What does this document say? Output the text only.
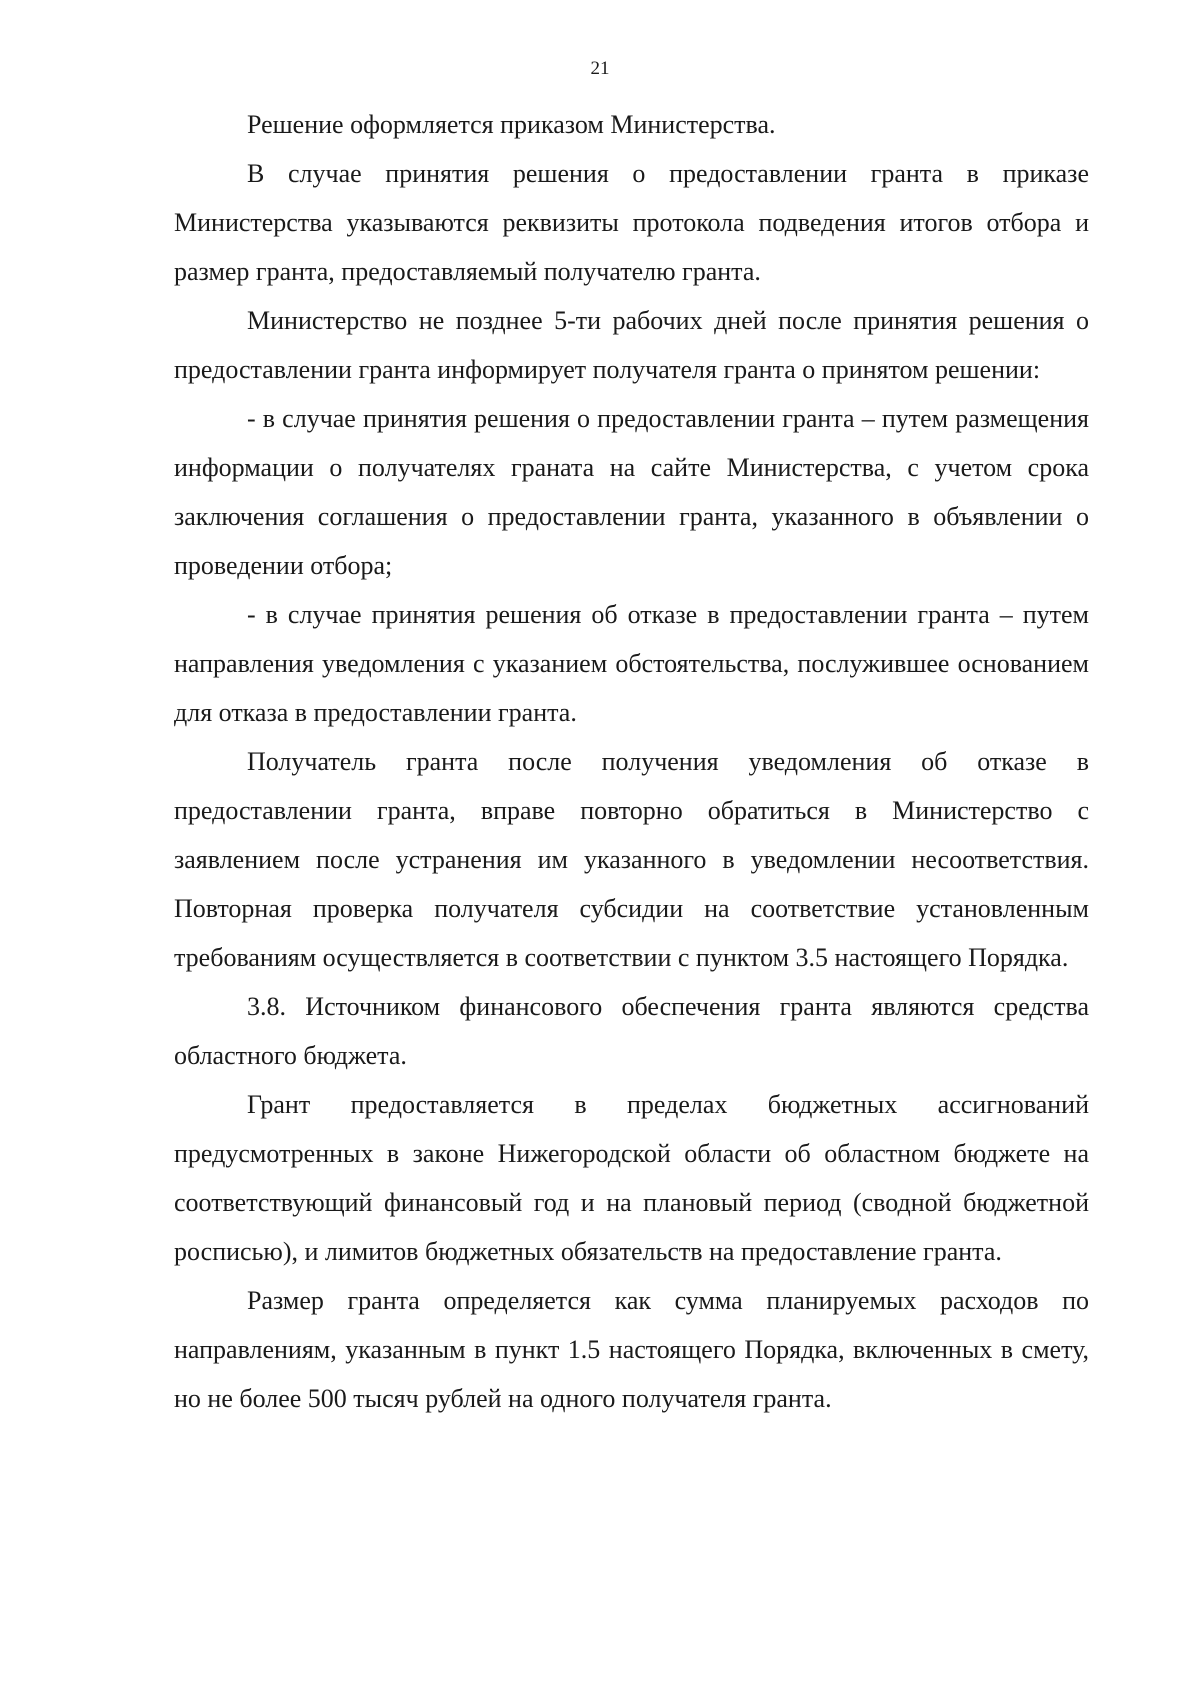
21

Решение оформляется приказом Министерства.

В случае принятия решения о предоставлении гранта в приказе Министерства указываются реквизиты протокола подведения итогов отбора и размер гранта, предоставляемый получателю гранта.

Министерство не позднее 5-ти рабочих дней после принятия решения о предоставлении гранта информирует получателя гранта о принятом решении:

- в случае принятия решения о предоставлении гранта – путем размещения информации о получателях граната на сайте Министерства, с учетом срока заключения соглашения о предоставлении гранта, указанного в объявлении о проведении отбора;

- в случае принятия решения об отказе в предоставлении гранта – путем направления уведомления с указанием обстоятельства, послужившее основанием для отказа в предоставлении гранта.

Получатель гранта после получения уведомления об отказе в предоставлении гранта, вправе повторно обратиться в Министерство с заявлением после устранения им указанного в уведомлении несоответствия. Повторная проверка получателя субсидии на соответствие установленным требованиям осуществляется в соответствии с пунктом 3.5 настоящего Порядка.

3.8. Источником финансового обеспечения гранта являются средства областного бюджета.

Грант предоставляется в пределах бюджетных ассигнований предусмотренных в законе Нижегородской области об областном бюджете на соответствующий финансовый год и на плановый период (сводной бюджетной росписью), и лимитов бюджетных обязательств на предоставление гранта.

Размер гранта определяется как сумма планируемых расходов по направлениям, указанным в пункт 1.5 настоящего Порядка, включенных в смету, но не более 500 тысяч рублей на одного получателя гранта.
